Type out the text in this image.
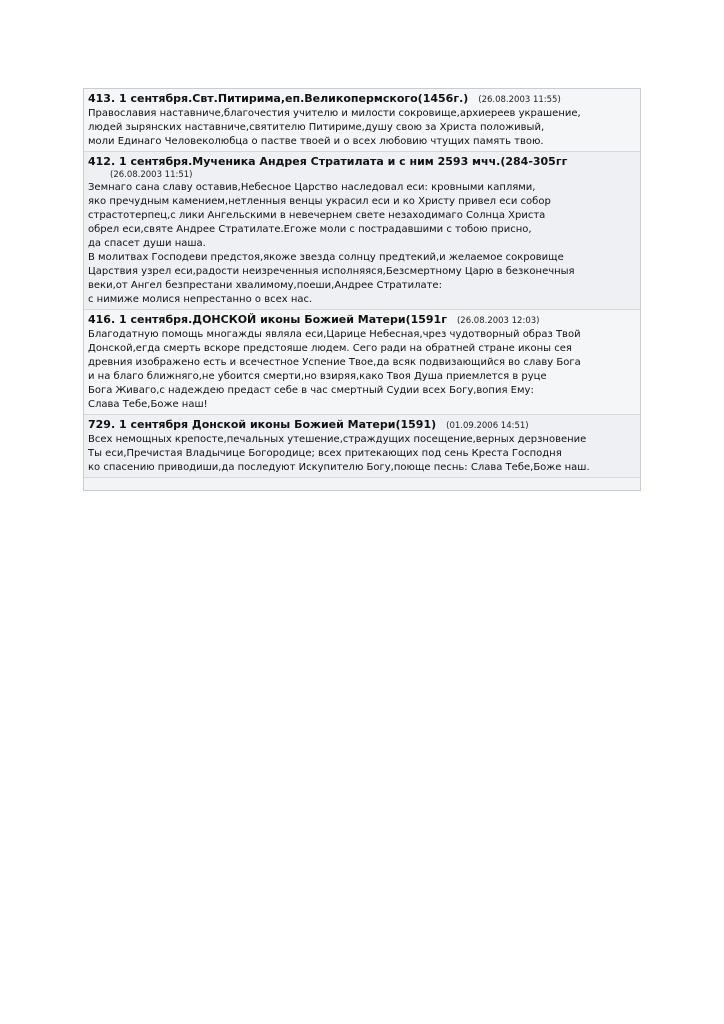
413. 1 сентября.Свт.Питирима,еп.Великопермского(1456г.) (26.08.2003 11:55)
Православия наставниче,благочестия учителю и милости сокровище,архиереев украшение,
людей зырянских наставниче,святителю Питириме,душу свою за Христа положивый,
моли Единаго Человеколюбца о пастве твоей и о всех любовию чтущих память твою.
412. 1 сентября.Мученика Андрея Стратилата и с ним 2593 мчч.(284-305гг
(26.08.2003 11:51)
Земнаго сана славу оставив,Небесное Царство наследовал еси: кровными каплями,
яко пречудным камением,нетленныя венцы украсил еси и ко Христу привел еси собор
страстотерпец,с лики Ангельскими в невечернем свете незаходимаго Солнца Христа
обрел еси,святе Андрее Стратилате.Егоже моли с пострадавшими с тобою присно,
да спасет души наша.
В молитвах Господеви предстоя,якоже звезда солнцу предтекий,и желаемое сокровище
Царствия узрел еси,радости неизреченныя исполняяся,Безсмертному Царю в безконечныя
веки,от Ангел безпрестани хвалимому,поеши,Андрее Стратилате:
с нимиже молися непрестанно о всех нас.
416. 1 сентября.ДОНСКОЙ иконы Божией Матери(1591г (26.08.2003 12:03)
Благодатную помощь многажды являла еси,Царице Небесная,чрез чудотворный образ Твой
Донской,егда смерть вскоре предстояше людем. Сего ради на обратней стране иконы сея
древния изображено есть и всечестное Успение Твое,да всяк подвизающийся во славу Бога
и на благо ближняго,не убоится смерти,но взиряя,како Твоя Душа приемлется в руце
Бога Живаго,с надеждею предаст себе в час смертный Судии всех Богу,вопия Ему:
Слава Тебе,Боже наш!
729. 1 сентября Донской иконы Божией Матери(1591) (01.09.2006 14:51)
Всех немощных крепосте,печальных утешение,страждущих посещение,верных дерзновение
Ты еси,Пречистая Владычице Богородице; всех притекающих под сень Креста Господня
ко спасению приводиши,да последуют Искупителю Богу,поюще песнь: Слава Тебе,Боже наш.
